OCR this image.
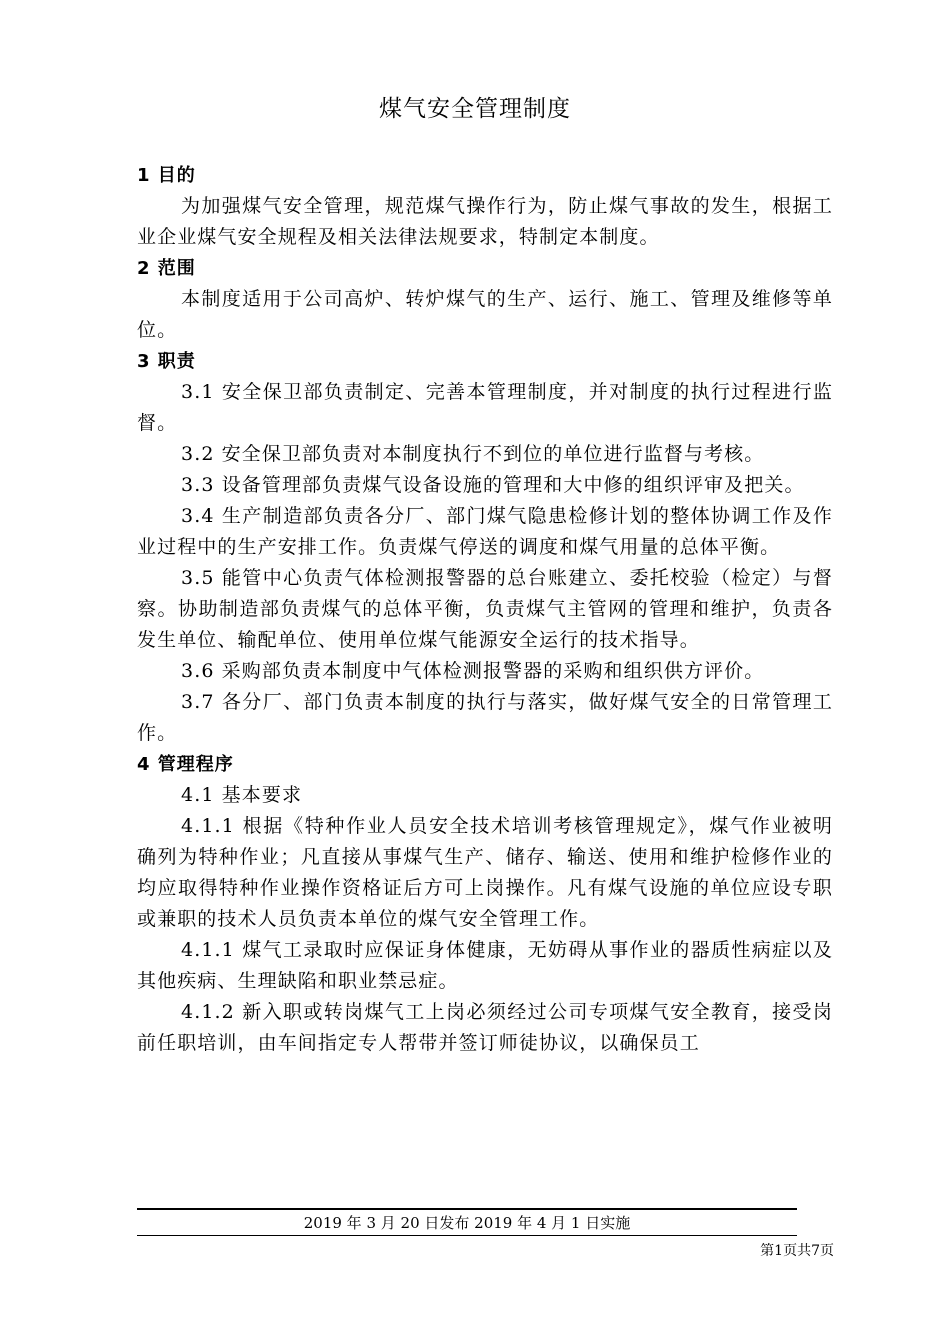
煤气安全管理制度
1 目的

为加强煤气安全管理，规范煤气操作行为，防止煤气事故的发生，根据工业企业煤气安全规程及相关法律法规要求，特制定本制度。

2 范围

本制度适用于公司高炉、转炉煤气的生产、运行、施工、管理及维修等单位。

3 职责

3.1 安全保卫部负责制定、完善本管理制度，并对制度的执行过程进行监督。

3.2 安全保卫部负责对本制度执行不到位的单位进行监督与考核。

3.3 设备管理部负责煤气设备设施的管理和大中修的组织评审及把关。

3.4 生产制造部负责各分厂、部门煤气隐患检修计划的整体协调工作及作业过程中的生产安排工作。负责煤气停送的调度和煤气用量的总体平衡。

3.5 能管中心负责气体检测报警器的总台账建立、委托校验（检定）与督察。协助制造部负责煤气的总体平衡，负责煤气主管网的管理和维护，负责各发生单位、输配单位、使用单位煤气能源安全运行的技术指导。

3.6 采购部负责本制度中气体检测报警器的采购和组织供方评价。

3.7 各分厂、部门负责本制度的执行与落实，做好煤气安全的日常管理工作。

4 管理程序

4.1 基本要求

4.1.1 根据《特种作业人员安全技术培训考核管理规定》，煤气作业被明确列为特种作业；凡直接从事煤气生产、储存、输送、使用和维护检修作业的均应取得特种作业操作资格证后方可上岗操作。凡有煤气设施的单位应设专职或兼职的技术人员负责本单位的煤气安全管理工作。

4.1.1 煤气工录取时应保证身体健康，无妨碍从事作业的器质性病症以及其他疾病、生理缺陷和职业禁忌症。

4.1.2 新入职或转岗煤气工上岗必须经过公司专项煤气安全教育，接受岗前任职培训，由车间指定专人帮带并签订师徒协议，以确保员工

2019 年 3 月 20 日发布 2019 年 4 月 1 日实施
第1页共7页
